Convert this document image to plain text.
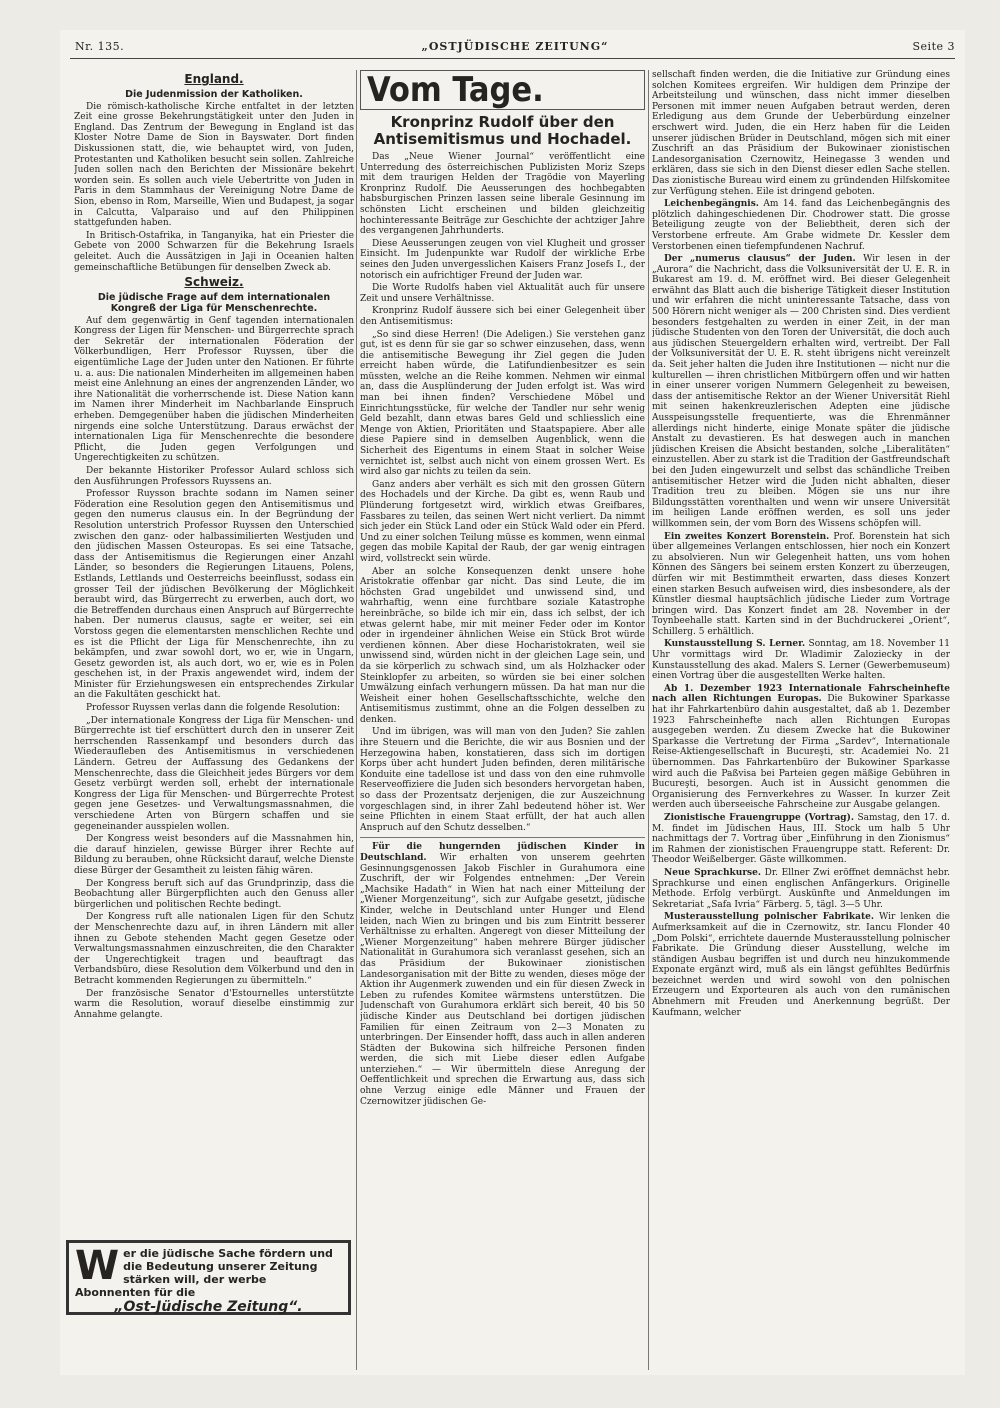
Nr. 135.	„OSTJÜDISCHE ZEITUNG“	Seite 3
England.
Die Judenmission der Katholiken.

Die römisch-katholische Kirche entfaltet in der letzten Zeit eine grosse Bekehrungstätigkeit unter den Juden in England. Das Zentrum der Bewegung in England ist das Kloster Notre Dame de Sion in Bayswater. Dort finden Diskussionen statt, die, wie behauptet wird, von Juden, Protestanten und Katholiken besucht sein sollen. Zahlreiche Juden sollen nach den Berichten der Missionäre bekehrt worden sein. Es sollen auch viele Uebertritte von Juden in Paris in dem Stammhaus der Vereinigung Notre Dame de Sion, ebenso in Rom, Marseille, Wien und Budapest, ja sogar in Calcutta, Valparaiso und auf den Philippinen stattgefunden haben.

In Britisch-Ostafrika, in Tanganyika, hat ein Priester die Gebete von 2000 Schwarzen für die Bekehrung Israels geleitet. Auch die Aussätzigen in Jaji in Oceanien halten gemeinschaftliche Betübungen für denselben Zweck ab.

Schweiz.
Die jüdische Frage auf dem internationalen Kongreß der Liga für Menschenrechte.

Auf dem gegenwärtig in Genf tagenden internationalen Kongress der Ligen für Menschen- und Bürgerrechte sprach der Sekretär der internationalen Föderation der Völkerbundligen, Herr Professor Ruyssen, über die eigentümliche Lage der Juden unter den Nationen. Er führte u. a. aus: Die nationalen Minderheiten im allgemeinen haben meist eine Anlehnung an eines der angrenzenden Länder, wo ihre Nationalität die vorherrschende ist. Diese Nation kann im Namen ihrer Minderheit im Nachbarlande Einspruch erheben. Demgegenüber haben die jüdischen Minderheiten nirgends eine solche Unterstützung. Daraus erwächst der internationalen Liga für Menschenrechte die besondere Pflicht, die Juden gegen Verfolgungen und Ungerechtigkeiten zu schützen.

Der bekannte Historiker Professor Aulard schloss sich den Ausführungen Professors Ruyssens an.

Professor Ruysson brachte sodann im Namen seiner Föderation eine Resolution gegen den Antisemitismus und gegen den numerus clausus ein. In der Begründung der Resolution unterstrich Professor Ruyssen den Unterschied zwischen den ganz- oder halbassimilierten Westjuden und den jüdischen Massen Osteuropas. Es sei eine Tatsache, dass der Antisemitismus die Regierungen einer Anzahl Länder, so besonders die Regierungen Litauens, Polens, Estlands, Lettlands und Oesterreichs beeinflusst, sodass ein grosser Teil der jüdischen Bevölkerung der Möglichkeit beraubt wird, das Bürgerrecht zu erwerben, auch dort, wo die Betreffenden durchaus einen Anspruch auf Bürgerrechte haben. Der numerus clausus, sagte er weiter, sei ein Vorstoss gegen die elementarsten menschlichen Rechte und es ist die Pflicht der Liga für Menschenrechte, ihn zu bekämpfen, und zwar sowohl dort, wo er, wie in Ungarn, Gesetz geworden ist, als auch dort, wo er, wie es in Polen geschehen ist, in der Praxis angewendet wird, indem der Minister für Erziehungswesen ein entsprechendes Zirkular an die Fakultäten geschickt hat.

Professor Ruyssen verlas dann die folgende Resolution:

„Der internationale Kongress der Liga für Menschen- und Bürgerrechte ist tief erschüttert durch den in unserer Zeit herrschenden Rassenkampf und besonders durch das Wiederaufleben des Antisemitismus in verschiedenen Ländern. Getreu der Auffassung des Gedankens der Menschenrechte, dass die Gleichheit jedes Bürgers vor dem Gesetz verbürgt werden soll, erhebt der internationale Kongress der Liga für Menschen- und Bürgerrechte Protest gegen jene Gesetzes- und Verwaltungsmassnahmen, die verschiedene Arten von Bürgern schaffen und sie gegeneinander ausspielen wollen.

Der Kongress weist besonders auf die Massnahmen hin, die darauf hinzielen, gewisse Bürger ihrer Rechte auf Bildung zu berauben, ohne Rücksicht darauf, welche Dienste diese Bürger der Gesamtheit zu leisten fähig wären.

Der Kongress beruft sich auf das Grundprinzip, dass die Beobachtung aller Bürgerpflichten auch den Genuss aller bürgerlichen und politischen Rechte bedingt.

Der Kongress ruft alle nationalen Ligen für den Schutz der Menschenrechte dazu auf, in ihren Ländern mit aller ihnen zu Gebote stehenden Macht gegen Gesetze oder Verwaltungsmassnahmen einzuschreiten, die den Charakter der Ungerechtigkeit tragen und beauftragt das Verbandsbüro, diese Resolution dem Völkerbund und den in Betracht kommenden Regierungen zu übermitteln.“

Der französische Senator d'Estournelles unterstützte warm die Resolution, worauf dieselbe einstimmig zur Annahme gelangte.

W er die jüdische Sache fördern und die Bedeutung unserer Zeitung stärken will, der werbe Abonnenten für die
„Ost-Jüdische Zeitung“.
Vom Tage.
Kronprinz Rudolf über den Antisemitismus und Hochadel.

Das „Neue Wiener Journal“ veröffentlicht eine Unterredung des österreichischen Publizisten Moriz Szeps mit dem traurigen Helden der Tragödie von Mayerling Kronprinz Rudolf. Die Aeusserungen des hochbegabten habsburgischen Prinzen lassen seine liberale Gesinnung im schönsten Licht erscheinen und bilden gleichzeitig hochinteressante Beiträge zur Geschichte der achtziger Jahre des vergangenen Jahrhunderts.

Diese Aeusserungen zeugen von viel Klugheit und grosser Einsicht. Im Judenpunkte war Rudolf der wirkliche Erbe seines den Juden unvergesslichen Kaisers Franz Josefs I., der notorisch ein aufrichtiger Freund der Juden war.

Die Worte Rudolfs haben viel Aktualität auch für unsere Zeit und unsere Verhältnisse.

Kronprinz Rudolf äussere sich bei einer Gelegenheit über den Antisemitismus:

„So sind diese Herren! (Die Adeligen.) Sie verstehen ganz gut, ist es denn für sie gar so schwer einzusehen, dass, wenn die antisemitische Bewegung ihr Ziel gegen die Juden erreicht haben würde, die Latifundienbesitzer es sein müssten, welche an die Reihe kommen. Nehmen wir einmal an, dass die Ausplünderung der Juden erfolgt ist. Was wird man bei ihnen finden? Verschiedene Möbel und Einrichtungsstücke, für welche der Tandler nur sehr wenig Geld bezahlt, dann etwas bares Geld und schliesslich eine Menge von Aktien, Prioritäten und Staatspapiere. Aber alle diese Papiere sind in demselben Augenblick, wenn die Sicherheit des Eigentums in einem Staat in solcher Weise vernichtet ist, selbst auch nicht von einem grossen Wert. Es wird also gar nichts zu teilen da sein.

Ganz anders aber verhält es sich mit den grossen Gütern des Hochadels und der Kirche. Da gibt es, wenn Raub und Plünderung fortgesetzt wird, wirklich etwas Greifbares, Fassbares zu teilen, das seinen Wert nicht verliert. Da nimmt sich jeder ein Stück Land oder ein Stück Wald oder ein Pferd. Und zu einer solchen Teilung müsse es kommen, wenn einmal gegen das mobile Kapital der Raub, der gar wenig eintragen wird, vollstreckt sein würde.

Aber an solche Konsequenzen denkt unsere hohe Aristokratie offenbar gar nicht. Das sind Leute, die im höchsten Grad ungebildet und unwissend sind, und wahrhaftig, wenn eine furchtbare soziale Katastrophe hereinbräche, so bilde ich mir ein, dass ich selbst, der ich etwas gelernt habe, mir mit meiner Feder oder im Kontor oder in irgendeiner ähnlichen Weise ein Stück Brot würde verdienen können. Aber diese Hocharistokraten, weil sie unwissend sind, würden nicht in der gleichen Lage sein, und da sie körperlich zu schwach sind, um als Holzhacker oder Steinklopfer zu arbeiten, so würden sie bei einer solchen Umwälzung einfach verhungern müssen. Da hat man nur die Weisheit einer hohen Gesellschaftsschichte, welche den Antisemitismus zustimmt, ohne an die Folgen desselben zu denken.

Und im übrigen, was will man von den Juden? Sie zahlen ihre Steuern und die Berichte, die wir aus Bosnien und der Herzegowina haben, konstatieren, dass sich im dortigen Korps über acht hundert Juden befinden, deren militärische Konduite eine tadellose ist und dass von den eine ruhmvolle Reserveoffiziere die Juden sich besonders hervorgetan haben, so dass der Prozentsatz derjenigen, die zur Auszeichnung vorgeschlagen sind, in ihrer Zahl bedeutend höher ist. Wer seine Pflichten in einem Staat erfüllt, der hat auch allen Anspruch auf den Schutz desselben.“

Für die hungernden jüdischen Kinder in Deutschland. Wir erhalten von unserem geehrten Gesinnungsgenossen Jakob Fischler in Gurahumora eine Zuschrift, der wir Folgendes entnehmen: „Der Verein „Machsike Hadath“ in Wien hat nach einer Mitteilung der „Wiener Morgenzeitung“, sich zur Aufgabe gesetzt, jüdische Kinder, welche in Deutschland unter Hunger und Elend leiden, nach Wien zu bringen und bis zum Eintritt besserer Verhältnisse zu erhalten. Angeregt von dieser Mitteilung der „Wiener Morgenzeitung“ haben mehrere Bürger jüdischer Nationalität in Gurahumora sich veranlasst gesehen, sich an das Präsidium der Bukowinaer zionistischen Landesorganisation mit der Bitte zu wenden, dieses möge der Aktion ihr Augenmerk zuwenden und ein für diesen Zweck in Leben zu rufendes Komitee wärmstens unterstützen. Die Judenschaft von Gurahumora erklärt sich bereit, 40 bis 50 jüdische Kinder aus Deutschland bei dortigen jüdischen Familien für einen Zeitraum von 2—3 Monaten zu unterbringen. Der Einsender hofft, dass auch in allen anderen Städten der Bukowina sich hilfreiche Personen finden werden, die sich mit Liebe dieser edlen Aufgabe unterziehen.“ — Wir übermitteln diese Anregung der Oeffentlichkeit und sprechen die Erwartung aus, dass sich ohne Verzug einige edle Männer und Frauen der Czernowitzer jüdischen Ge-

sellschaft finden werden, die die Initiative zur Gründung eines solchen Komitees ergreifen. Wir huldigen dem Prinzipe der Arbeitsteilung und wünschen, dass nicht immer dieselben Personen mit immer neuen Aufgaben betraut werden, deren Erledigung aus dem Grunde der Ueberbürdung einzelner erschwert wird. Juden, die ein Herz haben für die Leiden unserer jüdischen Brüder in Deutschland, mögen sich mit einer Zuschrift an das Präsidium der Bukowinaer zionistischen Landesorganisation Czernowitz, Heinegasse 3 wenden und erklären, dass sie sich in den Dienst dieser edlen Sache stellen. Das zionistische Bureau wird einem zu gründenden Hilfskomitee zur Verfügung stehen. Eile ist dringend geboten.

Leichenbegängnis. Am 14. fand das Leichenbegängnis des plötzlich dahingeschiedenen Dir. Chodrower statt. Die grosse Beteiligung zeugte von der Beliebtheit, deren sich der Verstorbene erfreute. Am Grabe widmete Dr. Kessler dem Verstorbenen einen tiefempfundenen Nachruf.

Der „numerus clausus“ der Juden. Wir lesen in der „Aurora“ die Nachricht, dass die Volksuniversität der U. E. R. in Bukarest am 19. d. M. eröffnet wird. Bei dieser Gelegenheit erwähnt das Blatt auch die bisherige Tätigkeit dieser Institution und wir erfahren die nicht uninteressante Tatsache, dass von 500 Hörern nicht weniger als — 200 Christen sind. Dies verdient besonders festgehalten zu werden in einer Zeit, in der man jüdische Studenten von den Toren der Universität, die doch auch aus jüdischen Steuergeldern erhalten wird, vertreibt. Der Fall der Volksuniversität der U. E. R. steht übrigens nicht vereinzelt da. Seit jeher halten die Juden ihre Institutionen — nicht nur die kulturellen — ihren christlichen Mitbürgern offen und wir hatten in einer unserer vorigen Nummern Gelegenheit zu beweisen, dass der antisemitische Rektor an der Wiener Universität Riehl mit seinen hakenkreuzlerischen Adepten eine jüdische Ausspeisungsstelle frequentierte, was die Ehrenmänner allerdings nicht hinderte, einige Monate später die jüdische Anstalt zu devastieren. Es hat deswegen auch in manchen jüdischen Kreisen die Absicht bestanden, solche „Liberalitäten“ einzustellen. Aber zu stark ist die Tradition der Gastfreundschaft bei den Juden eingewurzelt und selbst das schändliche Treiben antisemitischer Hetzer wird die Juden nicht abhalten, dieser Tradition treu zu bleiben. Mögen sie uns nur ihre Bildungsstätten vorenthalten und wenn wir unsere Universität im heiligen Lande eröffnen werden, es soll uns jeder willkommen sein, der vom Born des Wissens schöpfen will.

Ein zweites Konzert Borenstein. Prof. Borenstein hat sich über allgemeines Verlangen entschlossen, hier noch ein Konzert zu absolvieren. Nun wir Gelegenheit hatten, uns vom hohen Können des Sängers bei seinem ersten Konzert zu überzeugen, dürfen wir mit Bestimmtheit erwarten, dass dieses Konzert einen starken Besuch aufweisen wird, dies insbesondere, als der Künstler diesmal hauptsächlich jüdische Lieder zum Vortrage bringen wird. Das Konzert findet am 28. November in der Toynbeehalle statt. Karten sind in der Buchdruckerei „Orient“, Schillerg. 5 erhältlich.

Kunstausstellung S. Lerner. Sonntag, am 18. November 11 Uhr vormittags wird Dr. Wladimir Zaloziecky in der Kunstausstellung des akad. Malers S. Lerner (Gewerbemuseum) einen Vortrag über die ausgestellten Werke halten.

Ab 1. Dezember 1923 Internationale Fahrscheinhefte nach allen Richtungen Europas. Die Bukowiner Sparkasse hat ihr Fahrkartenbüro dahin ausgestaltet, daß ab 1. Dezember 1923 Fahrscheinhefte nach allen Richtungen Europas ausgegeben werden. Zu diesem Zwecke hat die Bukowiner Sparkasse die Vertretung der Firma „Sardev“, Internationale Reise-Aktiengesellschaft in Bucureşti, str. Academiei No. 21 übernommen. Das Fahrkartenbüro der Bukowiner Sparkasse wird auch die Paßvisa bei Parteien gegen mäßige Gebühren in Bucureşti, besorgen. Auch ist in Aussicht genommen die Organisierung des Fernverkehres zu Wasser. In kurzer Zeit werden auch überseeische Fahrscheine zur Ausgabe gelangen.

Zionistische Frauengruppe (Vortrag). Samstag, den 17. d. M. findet im Jüdischen Haus, III. Stock um halb 5 Uhr nachmittags der 7. Vortrag über „Einführung in den Zionismus“ im Rahmen der zionistischen Frauengruppe statt. Referent: Dr. Theodor Weißelberger. Gäste willkommen.

Neue Sprachkurse. Dr. Ellner Zwi eröffnet demnächst hebr. Sprachkurse und einen englischen Anfängerkurs. Originelle Methode. Erfolg verbürgt. Auskünfte und Anmeldungen im Sekretariat „Safa Ivria“ Färberg. 5, tägl. 3—5 Uhr.

Musterausstellung polnischer Fabrikate. Wir lenken die Aufmerksamkeit auf die in Czernowitz, str. Iancu Flonder 40 „Dom Polski“, errichtete dauernde Musterausstellung polnischer Fabrikate. Die Gründung dieser Ausstellung, welche im ständigen Ausbau begriffen ist und durch neu hinzukommende Exponate ergänzt wird, muß als ein längst gefühltes Bedürfnis bezeichnet werden und wird sowohl von den polnischen Erzeugern und Exporteuren als auch von den rumänischen Abnehmern mit Freuden und Anerkennung begrüßt. Der Kaufmann, welcher
